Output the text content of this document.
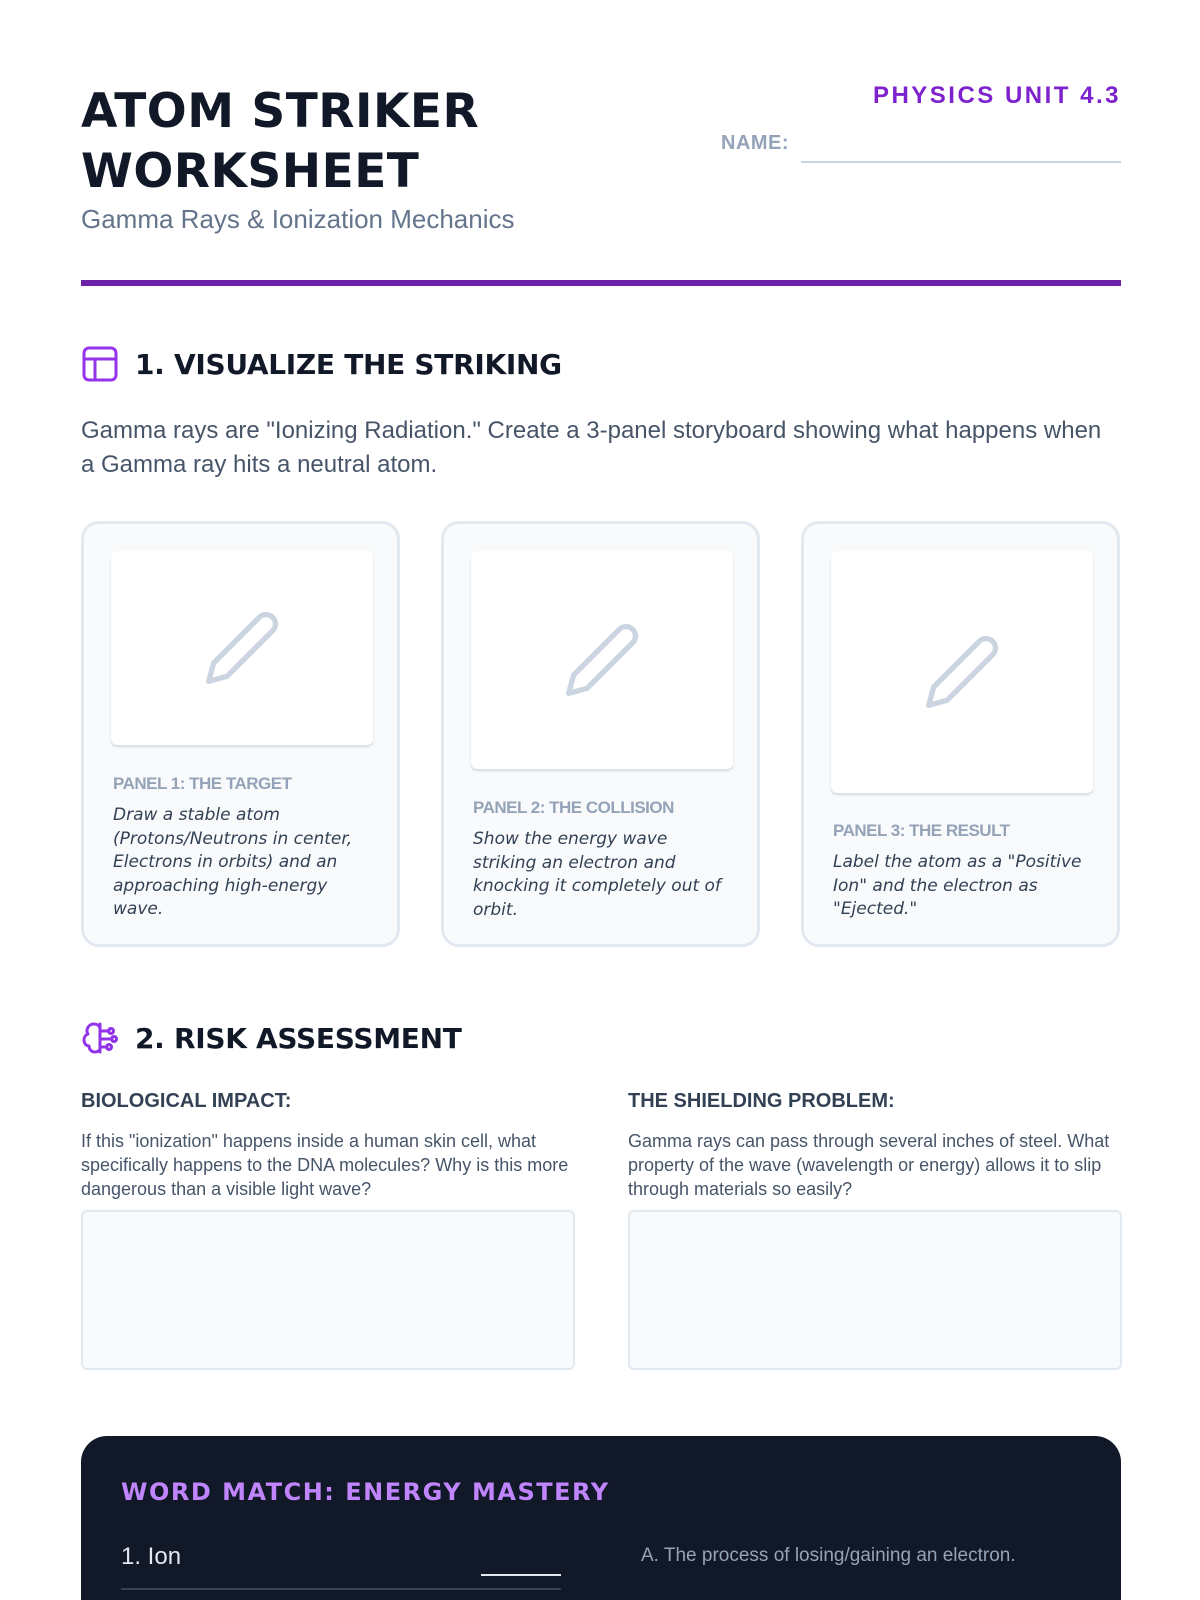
ATOM STRIKER
WORKSHEET
Gamma Rays & Ionization Mechanics
PHYSICS UNIT 4.3
NAME:
1. VISUALIZE THE STRIKING
Gamma rays are "Ionizing Radiation." Create a 3-panel storyboard showing what happens when a Gamma ray hits a neutral atom.
PANEL 1: THE TARGET
Draw a stable atom (Protons/Neutrons in center, Electrons in orbits) and an approaching high-energy wave.
PANEL 2: THE COLLISION
Show the energy wave striking an electron and knocking it completely out of orbit.
PANEL 3: THE RESULT
Label the atom as a "Positive Ion" and the electron as "Ejected."
2. RISK ASSESSMENT
BIOLOGICAL IMPACT:
If this "ionization" happens inside a human skin cell, what specifically happens to the DNA molecules? Why is this more dangerous than a visible light wave?
THE SHIELDING PROBLEM:
Gamma rays can pass through several inches of steel. What property of the wave (wavelength or energy) allows it to slip through materials so easily?
WORD MATCH: ENERGY MASTERY
1. Ion	A. The process of losing/gaining an electron.
